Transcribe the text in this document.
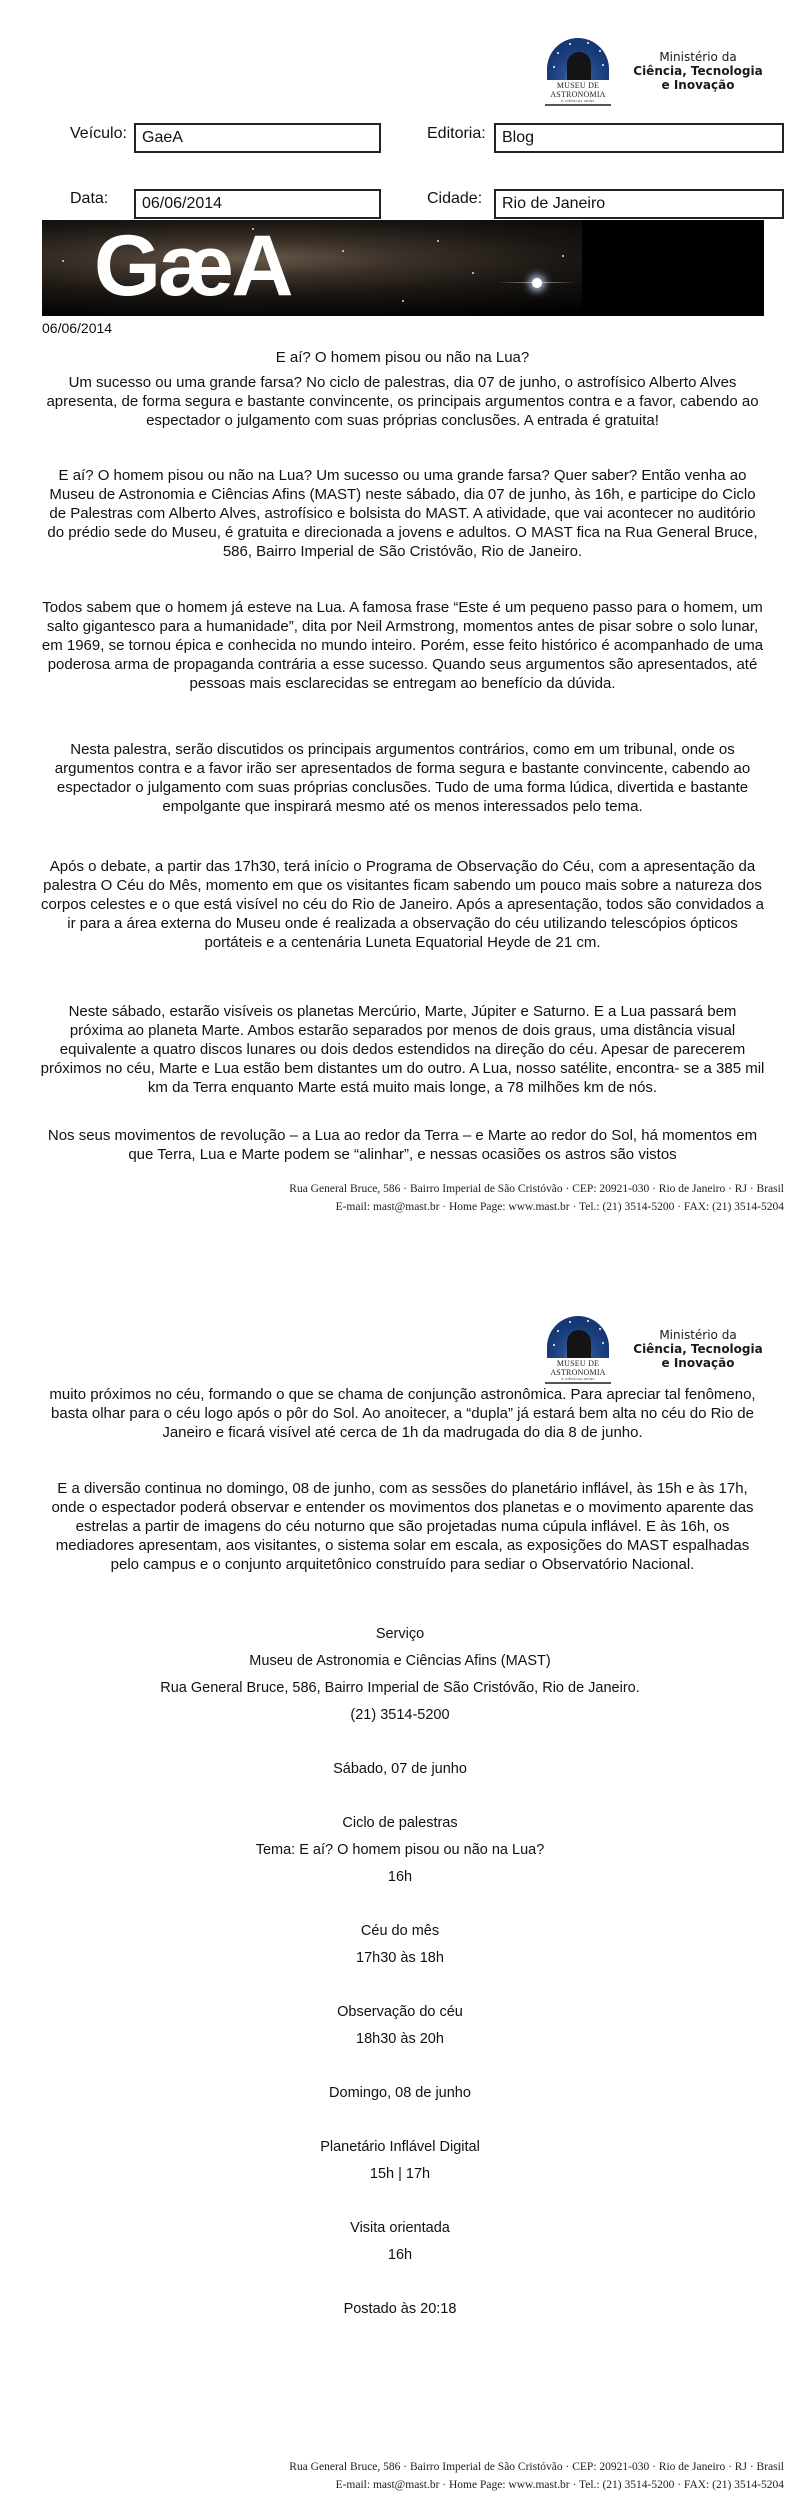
MUSEU DE
ASTRONOMIA
E CIÊNCIAS AFINS
Ministério da
Ciência, Tecnologia
e Inovação
Veículo: GaeA	Editoria:	Blog
Data:	06/06/2014	Cidade:	Rio de Janeiro
GæA
06/06/2014

E aí? O homem pisou ou não na Lua?

Um sucesso ou uma grande farsa? No ciclo de palestras, dia 07 de junho, o astrofísico Alberto Alves apresenta, de forma segura e bastante convincente, os principais argumentos contra e a favor, cabendo ao espectador o julgamento com suas próprias conclusões. A entrada é gratuita!

E aí? O homem pisou ou não na Lua? Um sucesso ou uma grande farsa? Quer saber? Então venha ao Museu de Astronomia e Ciências Afins (MAST) neste sábado, dia 07 de junho, às 16h, e participe do Ciclo de Palestras com Alberto Alves, astrofísico e bolsista do MAST. A atividade, que vai acontecer no auditório do prédio sede do Museu, é gratuita e direcionada a jovens e adultos. O MAST fica na Rua General Bruce, 586, Bairro Imperial de São Cristóvão, Rio de Janeiro.

Todos sabem que o homem já esteve na Lua. A famosa frase “Este é um pequeno passo para o homem, um salto gigantesco para a humanidade”, dita por Neil Armstrong, momentos antes de pisar sobre o solo lunar, em 1969, se tornou épica e conhecida no mundo inteiro. Porém, esse feito histórico é acompanhado de uma poderosa arma de propaganda contrária a esse sucesso. Quando seus argumentos são apresentados, até pessoas mais esclarecidas se entregam ao benefício da dúvida.

Nesta palestra, serão discutidos os principais argumentos contrários, como em um tribunal, onde os argumentos contra e a favor irão ser apresentados de forma segura e bastante convincente, cabendo ao espectador o julgamento com suas próprias conclusões. Tudo de uma forma lúdica, divertida e bastante empolgante que inspirará mesmo até os menos interessados pelo tema.

Após o debate, a partir das 17h30, terá início o Programa de Observação do Céu, com a apresentação da palestra O Céu do Mês, momento em que os visitantes ficam sabendo um pouco mais sobre a natureza dos corpos celestes e o que está visível no céu do Rio de Janeiro. Após a apresentação, todos são convidados a ir para a área externa do Museu onde é realizada a observação do céu utilizando telescópios ópticos portáteis e a centenária Luneta Equatorial Heyde de 21 cm.

Neste sábado, estarão visíveis os planetas Mercúrio, Marte, Júpiter e Saturno. E a Lua passará bem próxima ao planeta Marte. Ambos estarão separados por menos de dois graus, uma distância visual equivalente a quatro discos lunares ou dois dedos estendidos na direção do céu. Apesar de parecerem próximos no céu, Marte e Lua estão bem distantes um do outro. A Lua, nosso satélite, encontra- se a 385 mil km da Terra enquanto Marte está muito mais longe, a 78 milhões km de nós.

Nos seus movimentos de revolução – a Lua ao redor da Terra – e Marte ao redor do Sol, há momentos em que Terra, Lua e Marte podem se “alinhar”, e nessas ocasiões os astros são vistos

Rua General Bruce, 586 · Bairro Imperial de São Cristóvão · CEP: 20921-030 · Rio de Janeiro · RJ · Brasil
E-mail: mast@mast.br · Home Page: www.mast.br · Tel.: (21) 3514-5200 · FAX: (21) 3514-5204
MUSEU DE
ASTRONOMIA
E CIÊNCIAS AFINS
Ministério da
Ciência, Tecnologia
e Inovação

muito próximos no céu, formando o que se chama de conjunção astronômica. Para apreciar tal fenômeno, basta olhar para o céu logo após o pôr do Sol. Ao anoitecer, a “dupla” já estará bem alta no céu do Rio de Janeiro e ficará visível até cerca de 1h da madrugada do dia 8 de junho.

E a diversão continua no domingo, 08 de junho, com as sessões do planetário inflável, às 15h e às 17h, onde o espectador poderá observar e entender os movimentos dos planetas e o movimento aparente das estrelas a partir de imagens do céu noturno que são projetadas numa cúpula inflável. E às 16h, os mediadores apresentam, aos visitantes, o sistema solar em escala, as exposições do MAST espalhadas pelo campus e o conjunto arquitetônico construído para sediar o Observatório Nacional.

Serviço
Museu de Astronomia e Ciências Afins (MAST)
Rua General Bruce, 586, Bairro Imperial de São Cristóvão, Rio de Janeiro.
(21) 3514-5200
Sábado, 07 de junho
Ciclo de palestras
Tema: E aí? O homem pisou ou não na Lua?
16h
Céu do mês
17h30 às 18h
Observação do céu
18h30 às 20h
Domingo, 08 de junho
Planetário Inflável Digital
15h | 17h
Visita orientada
16h
Postado às 20:18
Rua General Bruce, 586 · Bairro Imperial de São Cristóvão · CEP: 20921-030 · Rio de Janeiro · RJ · Brasil
E-mail: mast@mast.br · Home Page: www.mast.br · Tel.: (21) 3514-5200 · FAX: (21) 3514-5204
